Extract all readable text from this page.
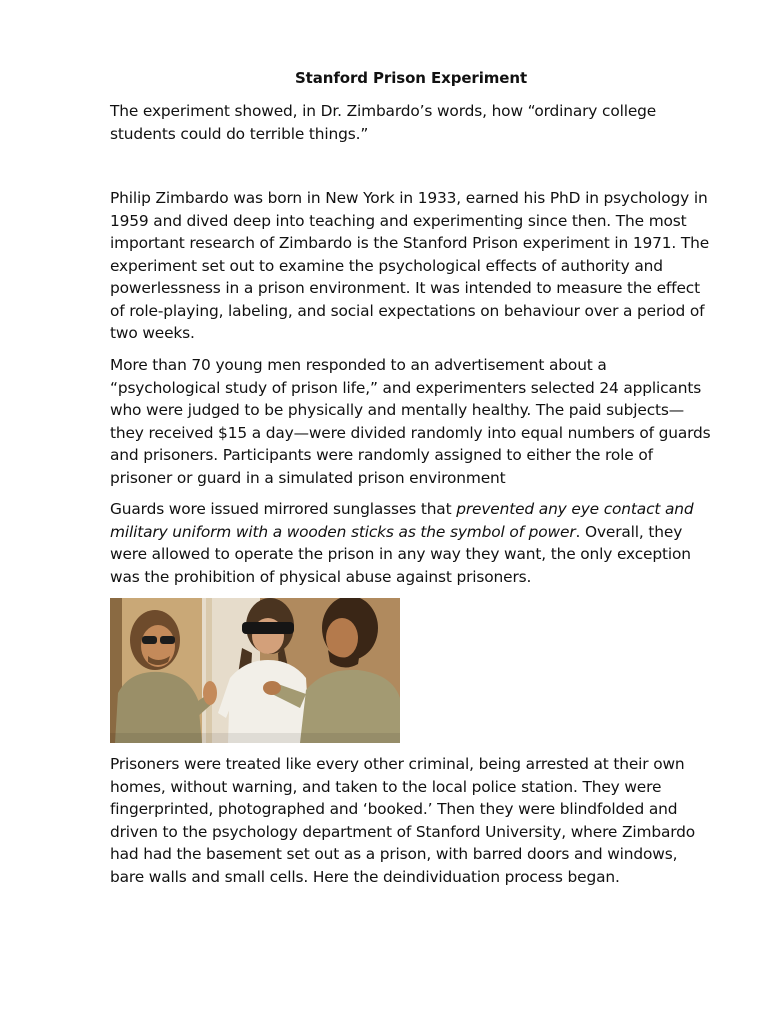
Stanford Prison Experiment

The experiment showed, in Dr. Zimbardo’s words, how “ordinary college students could do terrible things.”

Philip Zimbardo was born in New York in 1933, earned his PhD in psychology in 1959 and dived deep into teaching and experimenting since then. The most important research of Zimbardo is the Stanford Prison experiment in 1971. The experiment set out to examine the psychological effects of authority and powerlessness in a prison environment. It was intended to measure the effect of role-playing, labeling, and social expectations on behaviour over a period of two weeks.

More than 70 young men responded to an advertisement about a “psychological study of prison life,” and experimenters selected 24 applicants who were judged to be physically and mentally healthy. The paid subjects—they received $15 a day—were divided randomly into equal numbers of guards and prisoners. Participants were randomly assigned to either the role of prisoner or guard in a simulated prison environment

Guards wore issued mirrored sunglasses that prevented any eye contact and military uniform with a wooden sticks as the symbol of power. Overall, they were allowed to operate the prison in any way they want, the only exception was the prohibition of physical abuse against prisoners.

Prisoners were treated like every other criminal, being arrested at their own homes, without warning, and taken to the local police station. They were fingerprinted, photographed and ‘booked.’ Then they were blindfolded and driven to the psychology department of Stanford University, where Zimbardo had had the basement set out as a prison, with barred doors and windows, bare walls and small cells. Here the deindividuation process began.
